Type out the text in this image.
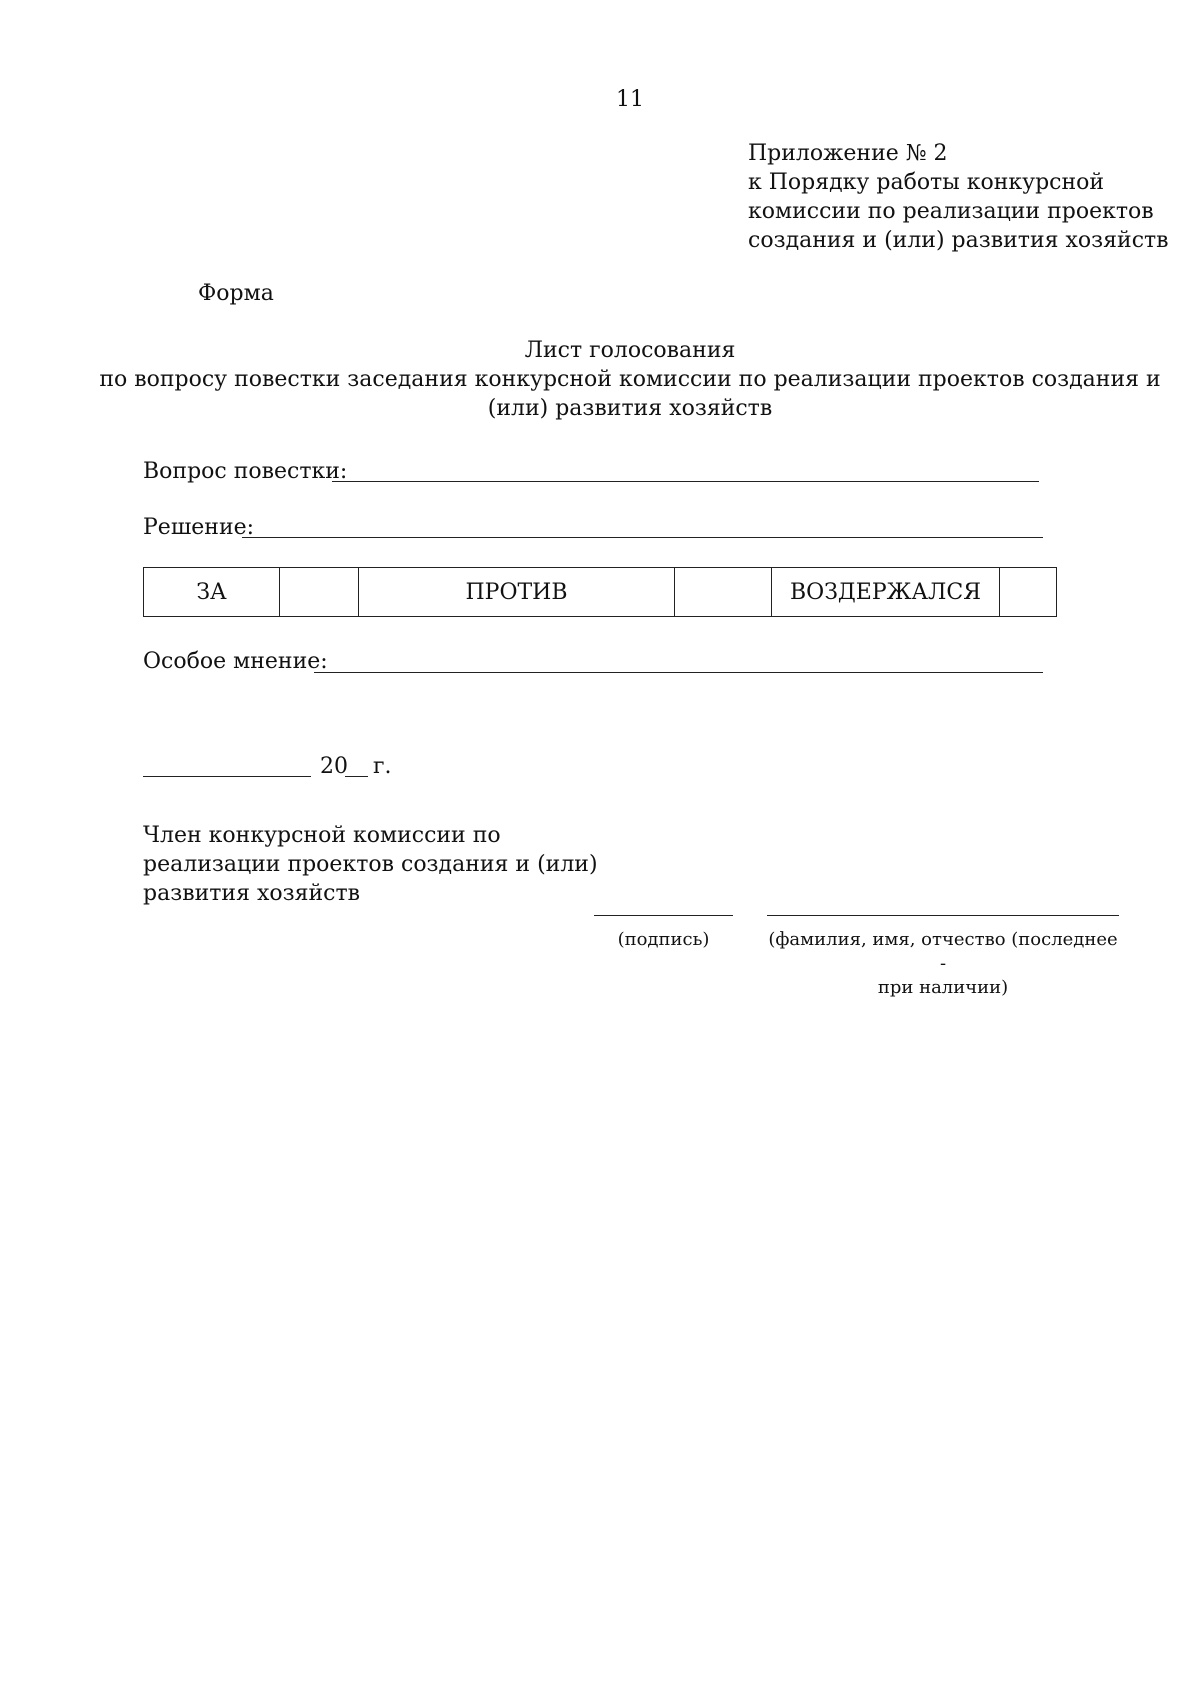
11
Приложение № 2
к Порядку работы конкурсной
комиссии по реализации проектов
создания и (или) развития хозяйств
Форма
Лист голосования
по вопросу повестки заседания конкурсной комиссии по реализации проектов создания и
(или) развития хозяйств
Вопрос повестки:
Решение:
ЗА		ПРОТИВ		ВОЗДЕРЖАЛСЯ	
Особое мнение:
20 г.
Член конкурсной комиссии по
реализации проектов создания и (или)
развития хозяйств
(подпись)	(фамилия, имя, отчество (последнее -
при наличии)
